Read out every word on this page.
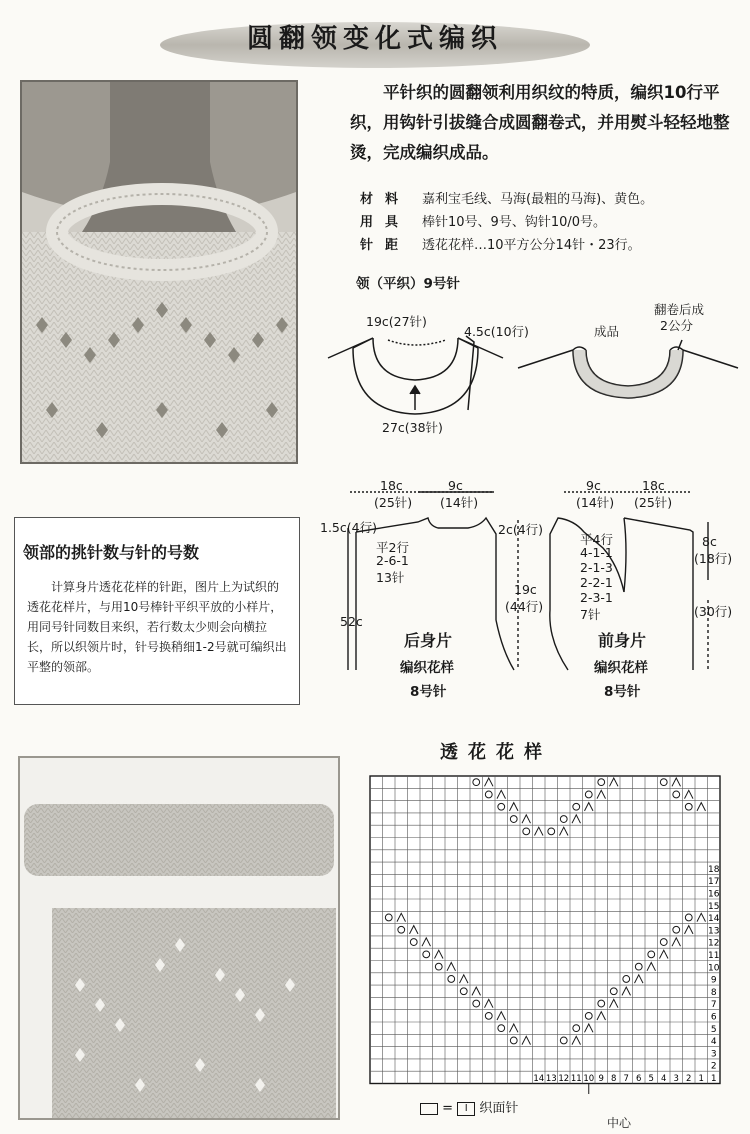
圆翻领变化式编织
平针织的圆翻领利用织纹的特质，编织10行平织，用钩针引拔缝合成圆翻卷式，并用熨斗轻轻地整烫，完成编织成品。
材料 嘉利宝毛线、马海(最粗的马海)、黄色。
用具 棒针10号、9号、钩针10/0号。
针距 透花花样…10平方公分14针・23行。
领（平织）9号针
19c(27针)
4.5c(10行)
27c(38针)
成品
翻卷后成
2公分
领部的挑针数与针的号数

计算身片透花花样的针距，图片上为试织的透花花样片，与用10号棒针平织平放的小样片，用同号针同数目来织，若行数太少则会向横拉长，所以织领片时，针号换稍细1-2号就可编织出平整的领部。

18c
(25针)
9c
(14针)
1.5c(4行)	2c(4行)
平2行
2-6-1
13针
19c
(44行)
52c
后身片
编织花样
8号针
9c
(14针)
18c
(25针)
平4行
4-1-1
2-1-3
2-2-1
2-3-1
7针
8c
(18行)
(30行)
前身片
编织花样
8号针
透花花样
18
17
16
15
14
13
12
11
10
9
8
7
6
5
4
3
2
1
14 13 12 11 10 9 8 7 6 5 4 3 2 1
= I 织面针
中心
